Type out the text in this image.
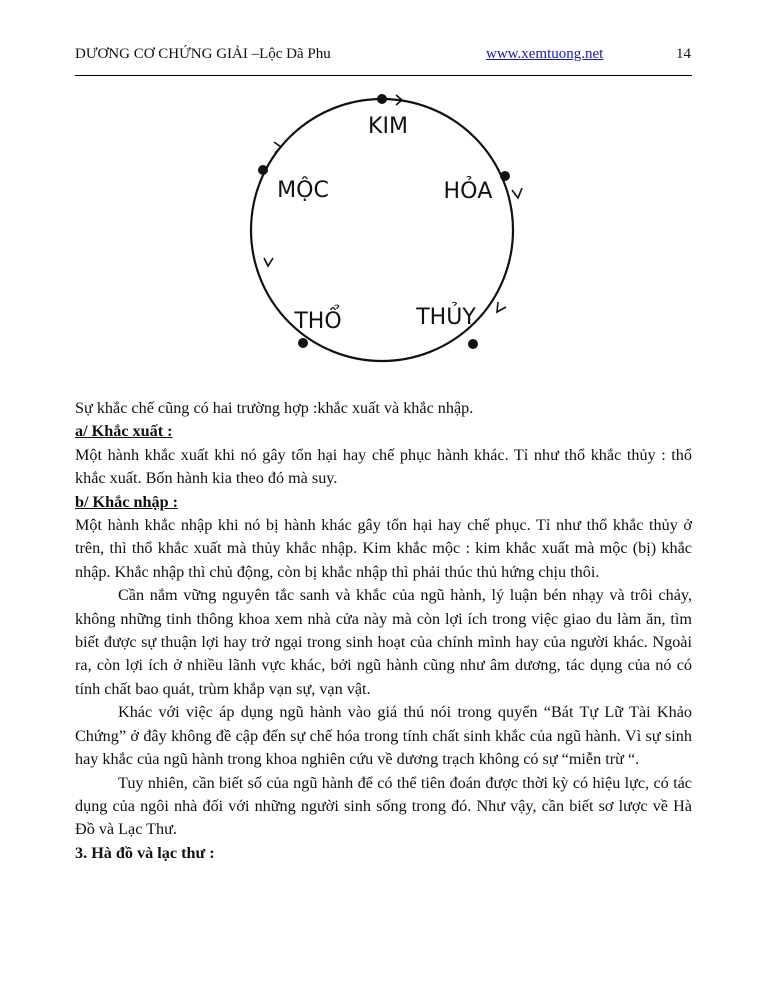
DƯƠNG CƠ CHỨNG GIẢI –Lộc Dã Phu	www.xemtuong.net	14
KIM
MỘC	HỎA
THỔ	THỦY

Sự khắc chế cũng có hai trường hợp :khắc xuất và khắc nhập.

a/ Khắc xuất :

Một hành khắc xuất khi nó gây tổn hại hay chế phục hành khác. Tỉ như thổ khắc thủy : thổ khắc xuất. Bốn hành kia theo đó mà suy.

b/ Khắc nhập :

Một hành khắc nhập khi nó bị hành khác gây tổn hại hay chế phục. Tỉ như thổ khắc thủy ở trên, thì thổ khắc xuất mà thủy khắc nhập. Kim khắc mộc : kim khắc xuất mà mộc (bị) khắc nhập. Khắc nhập thì chủ động, còn bị khắc nhập thì phải thúc thủ hứng chịu thôi.

Cần nắm vững nguyên tắc sanh và khắc của ngũ hành, lý luận bén nhạy và trôi chảy, không những tinh thông khoa xem nhà cửa này mà còn lợi ích trong việc giao du làm ăn, tìm biết được sự thuận lợi hay trở ngại trong sinh hoạt của chính mình hay của người khác. Ngoài ra, còn lợi ích ở nhiều lãnh vực khác, bởi ngũ hành cũng như âm dương, tác dụng của nó có tính chất bao quát, trùm khắp vạn sự, vạn vật.

Khác với việc áp dụng ngũ hành vào giá thú nói trong quyển “Bát Tự Lữ Tài Khảo Chứng” ở đây không đề cập đến sự chế hóa trong tính chất sinh khắc của ngũ hành. Vì sự sinh hay khắc của ngũ hành trong khoa nghiên cứu về dương trạch không có sự “miễn trừ “.

Tuy nhiên, cần biết số của ngũ hành để có thể tiên đoán được thời kỳ có hiệu lực, có tác dụng của ngôi nhà đối với những người sinh sống trong đó. Như vậy, cần biết sơ lược về Hà Đồ và Lạc Thư.

3. Hà đồ và lạc thư :
